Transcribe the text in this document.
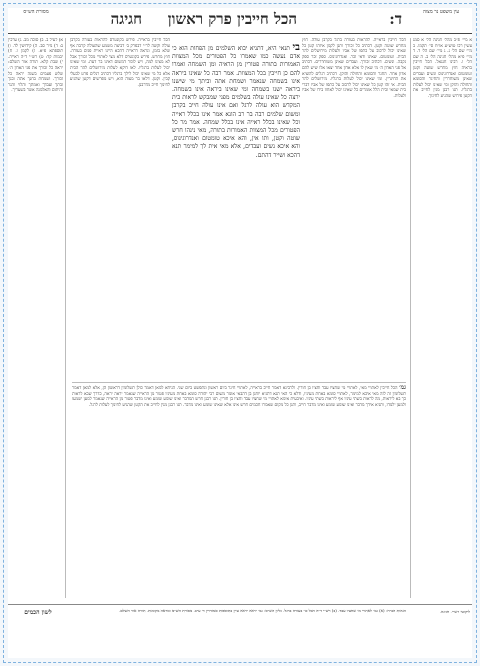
עין משפט נר מצוה
ד:
הכל חייבין פרק ראשון
חגיגה
מסורת הש״ס

א מיי׳ פ״ב מהל׳ חגיגה הל׳ א סמג עשין רכו טוש״ע או״ח סי׳ תקמו. ב מיי׳ שם הל׳ ג. ג מיי׳ שם הל׳ ד. ד מיי׳ פ״א מהל׳ חגיגה הל׳ ב. ה שם הל׳ ו. רבינו חננאל. הכל חייבין בראיה חוץ מחרש שוטה וקטן וטומטום ואנדרוגינוס ונשים ועבדים שאינן משוחררין והחיגר והסומא והחולה והזקן ומי שאינו יכול לעלות ברגליו. תנו רבנן מנין לחייב את הקטן פירוש שהגיע לחינוך.

הכל חייבין בראייה. להראות בעזרה ברגל בקרבן עולה. חוץ מחרש שוטה וקטן. דכתיב כל זכורך ותנן לקמן איזהו קטן כל שאינו יכול לרכוב על כתפו של אביו ולעלות מירושלים להר הבית. וטומטום. שאינו ודאי זכר. ואנדרוגינוס. ספק זכר ספק נקבה. ונשים. דכתיב זכורך. ועבדים שאינן משוחררים. דכתיב אל פני האדון ה׳ מי שאין לו אלא אדון אחד יצאו אלו שיש להם אדון אחר. החגר והסומא והחולה והזקן. דכתיב רגלים להוציא את החיגרין. ומי שאינו יכול לעלות ברגליו. מירושלים להר הבית. אי זהו קטן כל שאינו יכול לרכוב על כתפו של אביו דברי בית שמאי ובית הלל אומרים כל שאינו יכול לאחוז בידו של אביו ולעלות.

בי תנאי היא, דתניא יבוא השלמים מן הפחות הוא כי אדם נעשה כמו שאמרו כל הפטורים מכל המצוות האמורות בתורה פטורין מן הראיה ומן השמחה ואמרו להם כן חייבין בכל המצוות. אמר רבה כל שאינו ביראה אינו בשמחה שנאמר ושמחת אתה וביתך מי שישנו ביראה ישנו בשמחה ומי שאינו ביראה אינו בשמחה. ירצה כל שאינו עולה בשלמים מפני שמבקש לראות בית המקדש הוא עולה לרגל ואם אינו עולה חייב בקרבן ומשום שלמים רבה בר רב הונא אמר אינו בכלל ראייה וכל שאינו בכלל ראייה אינו בכלל שמחה. אמר מר כל הפטורים מכל המצוות האמורות בתורה, מאי נינהו חרש שוטה וקטן, ותו אין, והא איכא טומטום ואנדרוגינוס, והא איכא נשים ועבדים, אלא מאי אית לך למימר תנא דהכא ושייר דהתם.

הכל חייבין בראייה. פירש בקונטרס להראות בעזרה בקרבן עולה וקשה לר״י דבפרק ב׳ דביצה משמע שהעולה קרבה אף שלא בזמן, ונראה דראייה דהכא היינו ראיית פנים בעזרה. חוץ מחרש. פירש בקונטרס דלא מצי לאתויי מכל זכורך אבל לא מצינו למה, ויש לומר דמשום דאינו בר דעת. ומי שאינו יכול לעלות ברגליו. לאו דוקא לעלות מירושלים להר הבית אלא כל מי שאינו יכול לילך ברגליו דכתיב רגלים פרט לבעלי קבין. וקטן. דלאו בר מצוה הוא, ויש מפרשים דקטן שהגיע לחינוך חייב מדרבנן.

א) לעיל ב. ב) סוכה מב. ג) ערכין ב: ד) נזיר סב. ה) קידושין לד. ו) תוספתא פ״א. ז) לקמן ו. ח) יבמות קד: ט) רש״י ד״ה ראייה. י) שבת קלא. תורה אור השלם: יראה כל זכורך את פני האדון ה׳. שלש פעמים בשנה יראה כל זכורך. ושמחת בחגך אתה ובנך ובתך ועבדך ואמתך והלוי והגר והיתום והאלמנה אשר בשעריך.

גמ׳ הכל חייבין לאתויי מאי, לאתויי מי שחציו עבד וחציו בן חורין. ולרבינא דאמר חייב בראייה, לאתויי חיגר ביום ראשון ונתפשט ביום שני. הניחא למאן דאמר כולן תשלומין דראשון הן, אלא למאן דאמר תשלומין זה לזה מאי איכא למימר, לאתויי סומא באחת מעיניו, ודלא כי האי תנא דתניא יוחנן בן דהבאי אומר משום רבי יהודה סומא באחת מעיניו פטור מן הראייה שנאמר יראה יראה, כדרך שבא לראות כך בא ליראות, מה לראות בשתי עיניו אף ליראות בשתי עיניו. ואיבעית אימא לאתויי מי שחציו עבד וחציו בן חורין. תנו רבנן חרש המדבר ואינו שומע שומע ואינו מדבר פטור מן הראייה שנאמר למען ישמעו ולמען ילמדו, ותניא אידך מדבר ואינו שומע שומע ואינו מדבר חייב, ותנן כל מקום שאמרו חכמים חרש אינו אלא שאינו שומע ואינו מדבר. תנו רבנן מנין לחייב את הקטן שהגיע לחינוך לעלות לרגל.
ליקוטי רש״י. חגיגה.
הגהות הב״ח: (א) גמ׳ לאתויי מי שחציו עבד. (ב) רש״י ד״ה הכל כו׳ בעזרה ברגל. גליון הש״ס: גמ׳ יראה יראה עיין בתוספות סנהדרין ד׳ ע״ב. מסורת הש״ס ומראה מקומות. תורה אור השלם.
לשון הכמים
